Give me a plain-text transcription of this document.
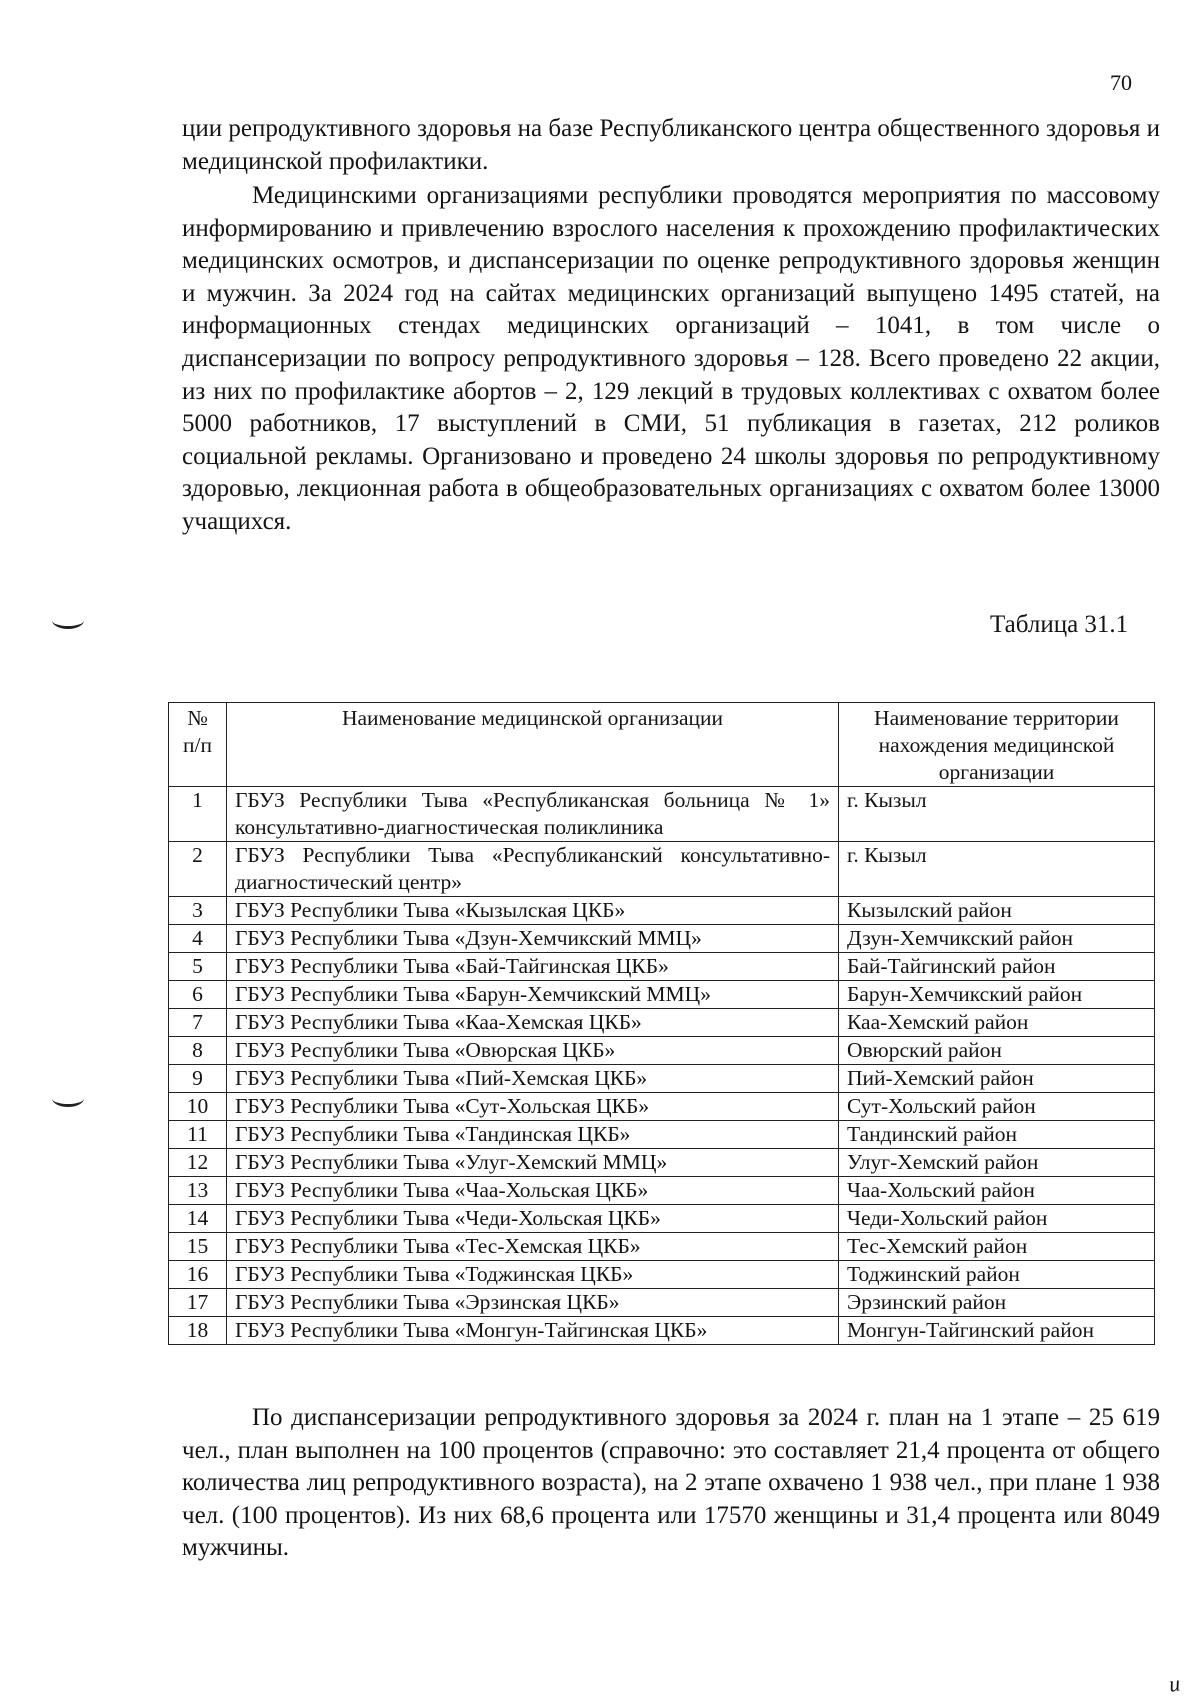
70

ции репродуктивного здоровья на базе Республиканского центра общественного здоровья и медицинской профилактики.

Медицинскими организациями республики проводятся мероприятия по массовому информированию и привлечению взрослого населения к прохождению профилактических медицинских осмотров, и диспансеризации по оценке репродуктивного здоровья женщин и мужчин. За 2024 год на сайтах медицинских организаций выпущено 1495 статей, на информационных стендах медицинских организаций – 1041, в том числе о диспансеризации по вопросу репродуктивного здоровья – 128. Всего проведено 22 акции, из них по профилактике абортов – 2, 129 лекций в трудовых коллективах с охватом более 5000 работников, 17 выступлений в СМИ, 51 публикация в газетах, 212 роликов социальной рекламы. Организовано и проведено 24 школы здоровья по репродуктивному здоровью, лекционная работа в общеобразовательных организациях с охватом более 13000 учащихся.

Таблица 31.1
№ п/п	Наименование медицинской организации	Наименование территории нахождения медицинской организации
1	ГБУЗ Республики Тыва «Республиканская больница № 1» консультативно-диагностическая поликлиника	г. Кызыл
2	ГБУЗ Республики Тыва «Республиканский консультативно-диагностический центр»	г. Кызыл
3	ГБУЗ Республики Тыва «Кызылская ЦКБ»	Кызылский район
4	ГБУЗ Республики Тыва «Дзун-Хемчикский ММЦ»	Дзун-Хемчикский район
5	ГБУЗ Республики Тыва «Бай-Тайгинская ЦКБ»	Бай-Тайгинский район
6	ГБУЗ Республики Тыва «Барун-Хемчикский ММЦ»	Барун-Хемчикский район
7	ГБУЗ Республики Тыва «Каа-Хемская ЦКБ»	Каа-Хемский район
8	ГБУЗ Республики Тыва «Овюрская ЦКБ»	Овюрский район
9	ГБУЗ Республики Тыва «Пий-Хемская ЦКБ»	Пий-Хемский район
10	ГБУЗ Республики Тыва «Сут-Хольская ЦКБ»	Сут-Хольский район
11	ГБУЗ Республики Тыва «Тандинская ЦКБ»	Тандинский район
12	ГБУЗ Республики Тыва «Улуг-Хемский ММЦ»	Улуг-Хемский район
13	ГБУЗ Республики Тыва «Чаа-Хольская ЦКБ»	Чаа-Хольский район
14	ГБУЗ Республики Тыва «Чеди-Хольская ЦКБ»	Чеди-Хольский район
15	ГБУЗ Республики Тыва «Тес-Хемская ЦКБ»	Тес-Хемский район
16	ГБУЗ Республики Тыва «Тоджинская ЦКБ»	Тоджинский район
17	ГБУЗ Республики Тыва «Эрзинская ЦКБ»	Эрзинский район
18	ГБУЗ Республики Тыва «Монгун-Тайгинская ЦКБ»	Монгун-Тайгинский район

По диспансеризации репродуктивного здоровья за 2024 г. план на 1 этапе – 25 619 чел., план выполнен на 100 процентов (справочно: это составляет 21,4 процента от общего количества лиц репродуктивного возраста), на 2 этапе охвачено 1 938 чел., при плане 1 938 чел. (100 процентов). Из них 68,6 процента или 17570 женщины и 31,4 процента или 8049 мужчины.

и
